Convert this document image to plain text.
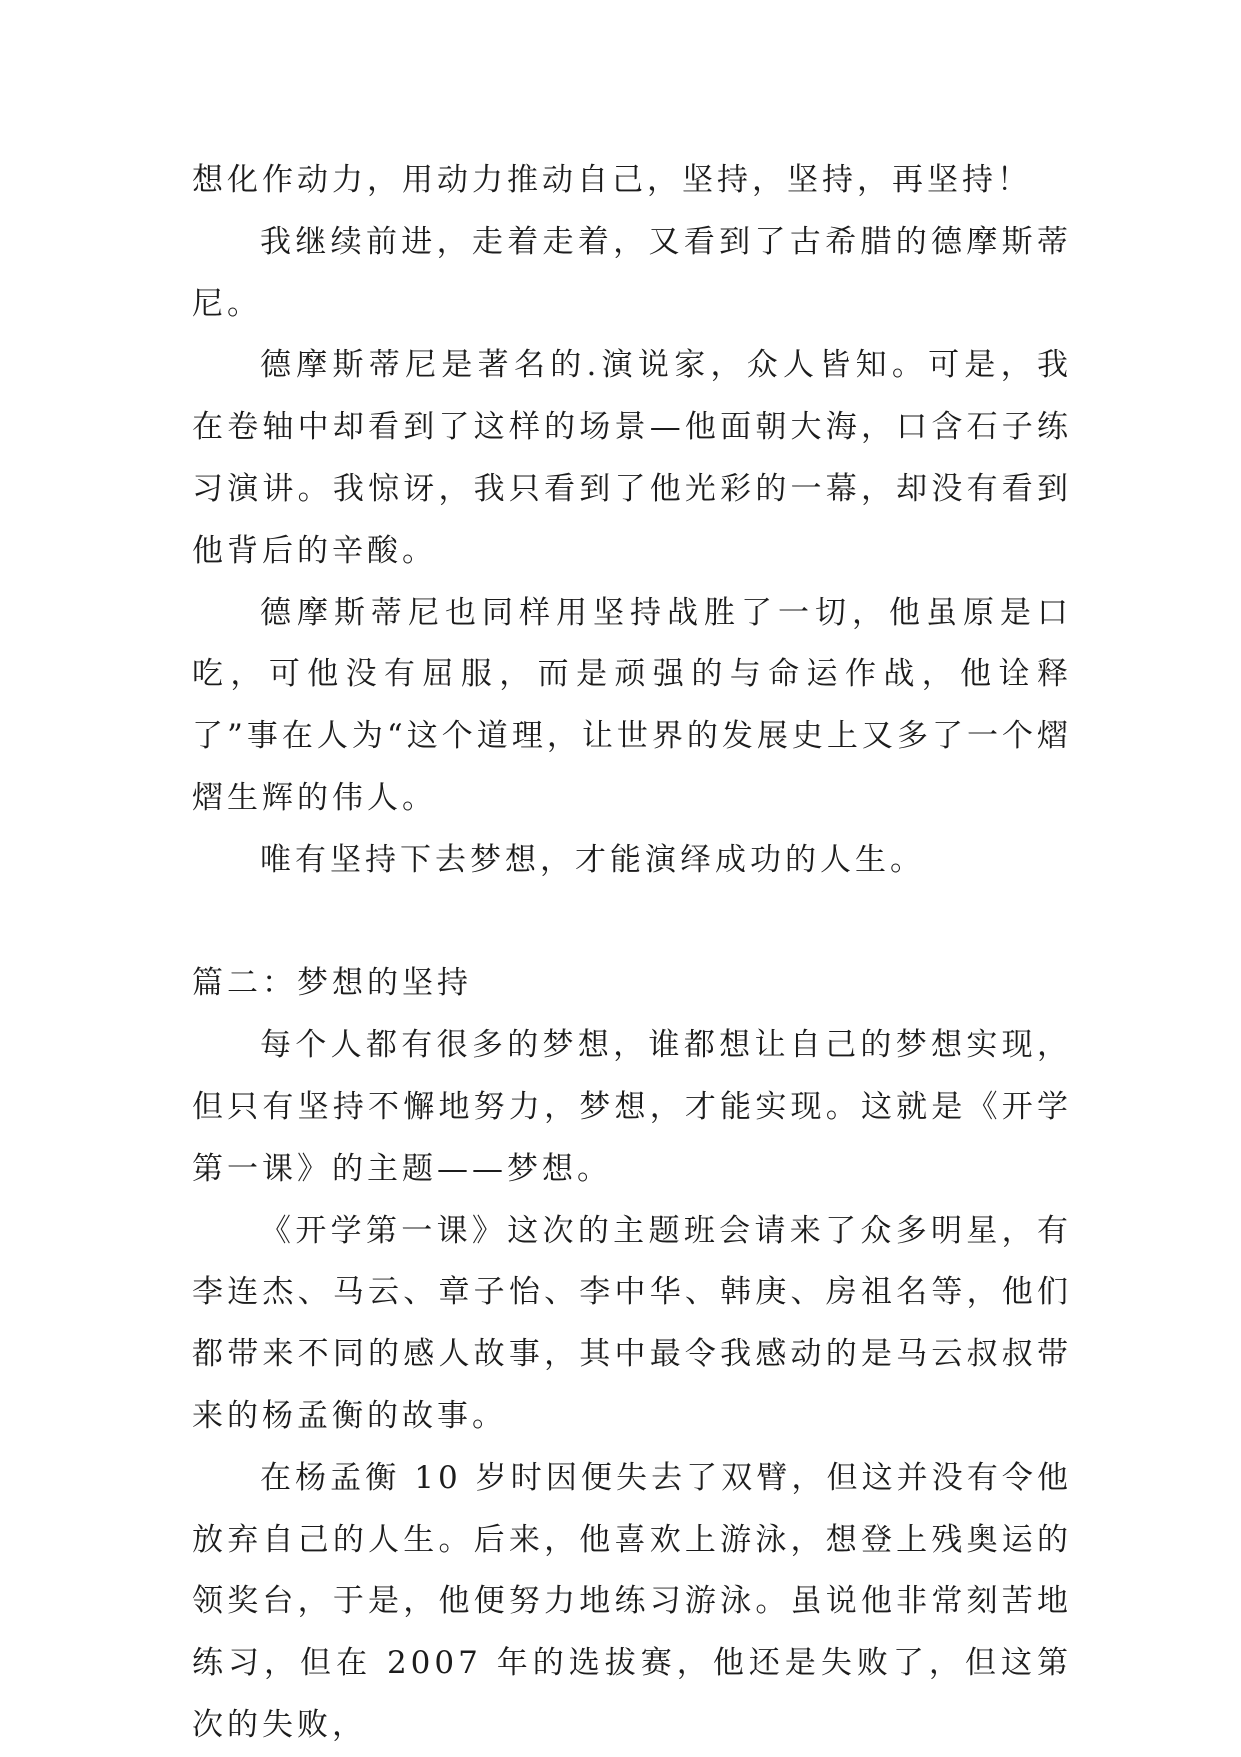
想化作动力，用动力推动自己，坚持，坚持，再坚持！

我继续前进，走着走着，又看到了古希腊的德摩斯蒂尼。

德摩斯蒂尼是著名的.演说家，众人皆知。可是，我在卷轴中却看到了这样的场景—他面朝大海，口含石子练习演讲。我惊讶，我只看到了他光彩的一幕，却没有看到他背后的辛酸。

德摩斯蒂尼也同样用坚持战胜了一切，他虽原是口吃，可他没有屈服，而是顽强的与命运作战，他诠释了”事在人为“这个道理，让世界的发展史上又多了一个熠熠生辉的伟人。

唯有坚持下去梦想，才能演绎成功的人生。

篇二：梦想的坚持

每个人都有很多的梦想，谁都想让自己的梦想实现，但只有坚持不懈地努力，梦想，才能实现。这就是《开学第一课》的主题——梦想。

《开学第一课》这次的主题班会请来了众多明星，有李连杰、马云、章子怡、李中华、韩庚、房祖名等，他们都带来不同的感人故事，其中最令我感动的是马云叔叔带来的杨孟衡的故事。

在杨孟衡 10 岁时因便失去了双臂，但这并没有令他放弃自己的人生。后来，他喜欢上游泳，想登上残奥运的领奖台，于是，他便努力地练习游泳。虽说他非常刻苦地练习，但在 2007 年的选拔赛，他还是失败了，但这第次的失败，
